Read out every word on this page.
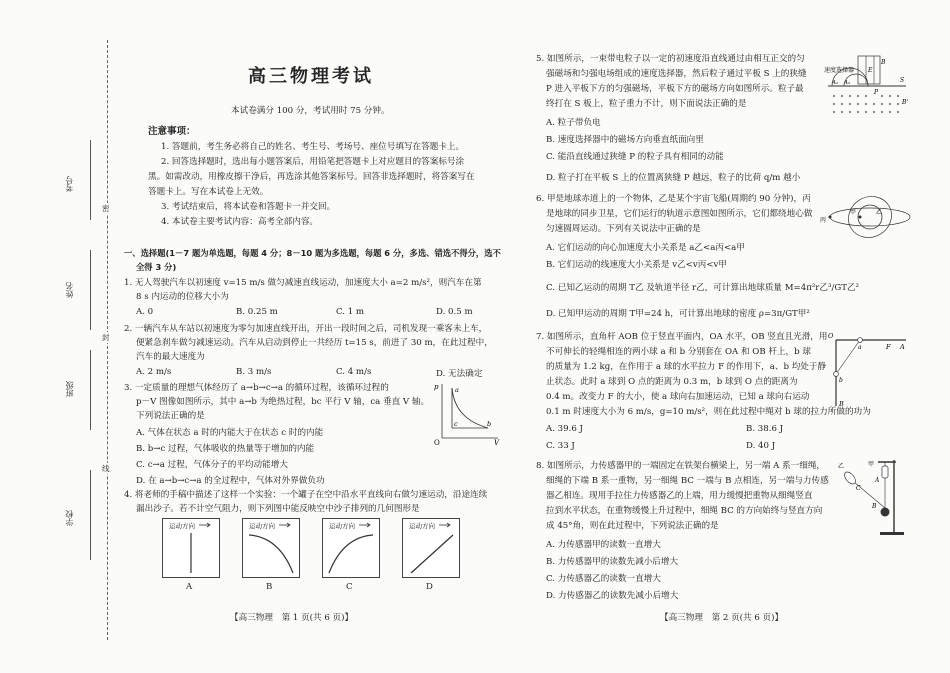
考号
姓名
班级
学校
密
封
线
高三物理考试
本试卷满分 100 分，考试用时 75 分钟。
注意事项：
1. 答题前，考生务必将自己的姓名、考生号、考场号、座位号填写在答题卡上。
2. 回答选择题时，选出每小题答案后，用铅笔把答题卡上对应题目的答案标号涂
黑。如需改动，用橡皮擦干净后，再选涂其他答案标号。回答非选择题时，将答案写在
答题卡上。写在本试卷上无效。
3. 考试结束后，将本试卷和答题卡一并交回。
4. 本试卷主要考试内容：高考全部内容。
一、选择题(1－7 题为单选题，每题 4 分；8－10 题为多选题，每题 6 分，多选、错选不得分，选不
全得 3 分)
1. 无人驾驶汽车以初速度 v=15 m/s 做匀减速直线运动，加速度大小 a=2 m/s²，则汽车在第
8 s 内运动的位移大小为
A. 0	B. 0.25 m	C. 1 m	D. 0.5 m
2. 一辆汽车从车站以初速度为零匀加速直线开出，开出一段时间之后，司机发现一乘客未上车，
便紧急刹车做匀减速运动。汽车从启动到停止一共经历 t=15 s，前进了 30 m，在此过程中，
汽车的最大速度为
A. 2 m/s	B. 3 m/s	C. 4 m/s	D. 无法确定
3. 一定质量的理想气体经历了 a→b→c→a 的循环过程，该循环过程的
p－V 图像如图所示，其中 a→b 为绝热过程，bc 平行 V 轴，ca 垂直 V 轴。
下列说法正确的是
A. 气体在状态 a 时的内能大于在状态 c 时的内能
B. b→c 过程，气体吸收的热量等于增加的内能
C. c→a 过程，气体分子的平均动能增大
D. 在 a→b→c→a 的全过程中，气体对外界做负功
p
V
O
a
b
c
4. 将老师的手稿中描述了这样一个实验：一个罐子在空中沿水平直线向右做匀速运动，沿途连续
漏出沙子。若不计空气阻力，则下列图中能反映空中沙子排列的几何图形是
运动方向	运动方向	运动方向	运动方向
A	B	C	D
【高三物理　第 1 页(共 6 页)】
5. 如图所示，一束带电粒子以一定的初速度沿直线通过由相互正交的匀
强磁场和匀强电场组成的速度选择器，然后粒子通过平板 S 上的狭缝
P 进入平板下方的匀强磁场，平板下方的磁场方向如图所示。粒子最
终打在 S 板上，粒子重力不计，则下面说法正确的是
A. 粒子带负电
B. 速度选择器中的磁场方向垂直纸面向里
C. 能沿直线通过狭缝 P 的粒子具有相同的动能
D. 粒子打在平板 S 上的位置离狭缝 P 越远，粒子的比荷 q/m 越小
速度选择器 E
B
S
P
A₁ A₂
B'
6. 甲是地球赤道上的一个物体，乙是某个宇宙飞船(周期约 90 分钟)，丙
是地球的同步卫星，它们运行的轨道示意图如图所示，它们都绕地心做
匀速圆周运动。下列有关说法中正确的是
A. 它们运动的向心加速度大小关系是 a乙<a丙<a甲
B. 它们运动的线速度大小关系是 v乙<v丙<v甲
C. 已知乙运动的周期 T乙 及轨道半径 r乙，可计算出地球质量 M=4π²r乙³/GT乙²
D. 已知甲运动的周期 T甲=24 h，可计算出地球的密度 ρ=3π/GT甲²
丙
甲	乙
7. 如图所示，直角杆 AOB 位于竖直平面内，OA 水平，OB 竖直且光滑，用
不可伸长的轻绳相连的两小球 a 和 b 分别套在 OA 和 OB 杆上，b 球
的质量为 1.2 kg，在作用于 a 球的水平拉力 F 的作用下，a、b 均处于静
止状态。此时 a 球到 O 点的距离为 0.3 m，b 球到 O 点的距离为
0.4 m。改变力 F 的大小，使 a 球向右加速运动，已知 a 球向右运动
0.1 m 时速度大小为 6 m/s，g=10 m/s²，则在此过程中绳对 b 球的拉力所做的功为
A. 39.6 J	B. 38.6 J
C. 33 J	D. 40 J
O
a	F A
b
B
8. 如图所示，力传感器甲的一端固定在铁架台横梁上，另一端 A 系一细绳，
细绳的下端 B 系一重物，另一细绳 BC 一端与 B 点相连，另一端与力传感
器乙相连。现用手拉住力传感器乙的上端，用力缓慢把重物从细绳竖直
拉到水平状态，在重物缓慢上升过程中，细绳 BC 的方向始终与竖直方向
成 45°角，则在此过程中，下列说法正确的是
A. 力传感器甲的读数一直增大
B. 力传感器甲的读数先减小后增大
C. 力传感器乙的读数一直增大
D. 力传感器乙的读数先减小后增大
甲
乙
A
B
C
【高三物理　第 2 页(共 6 页)】
